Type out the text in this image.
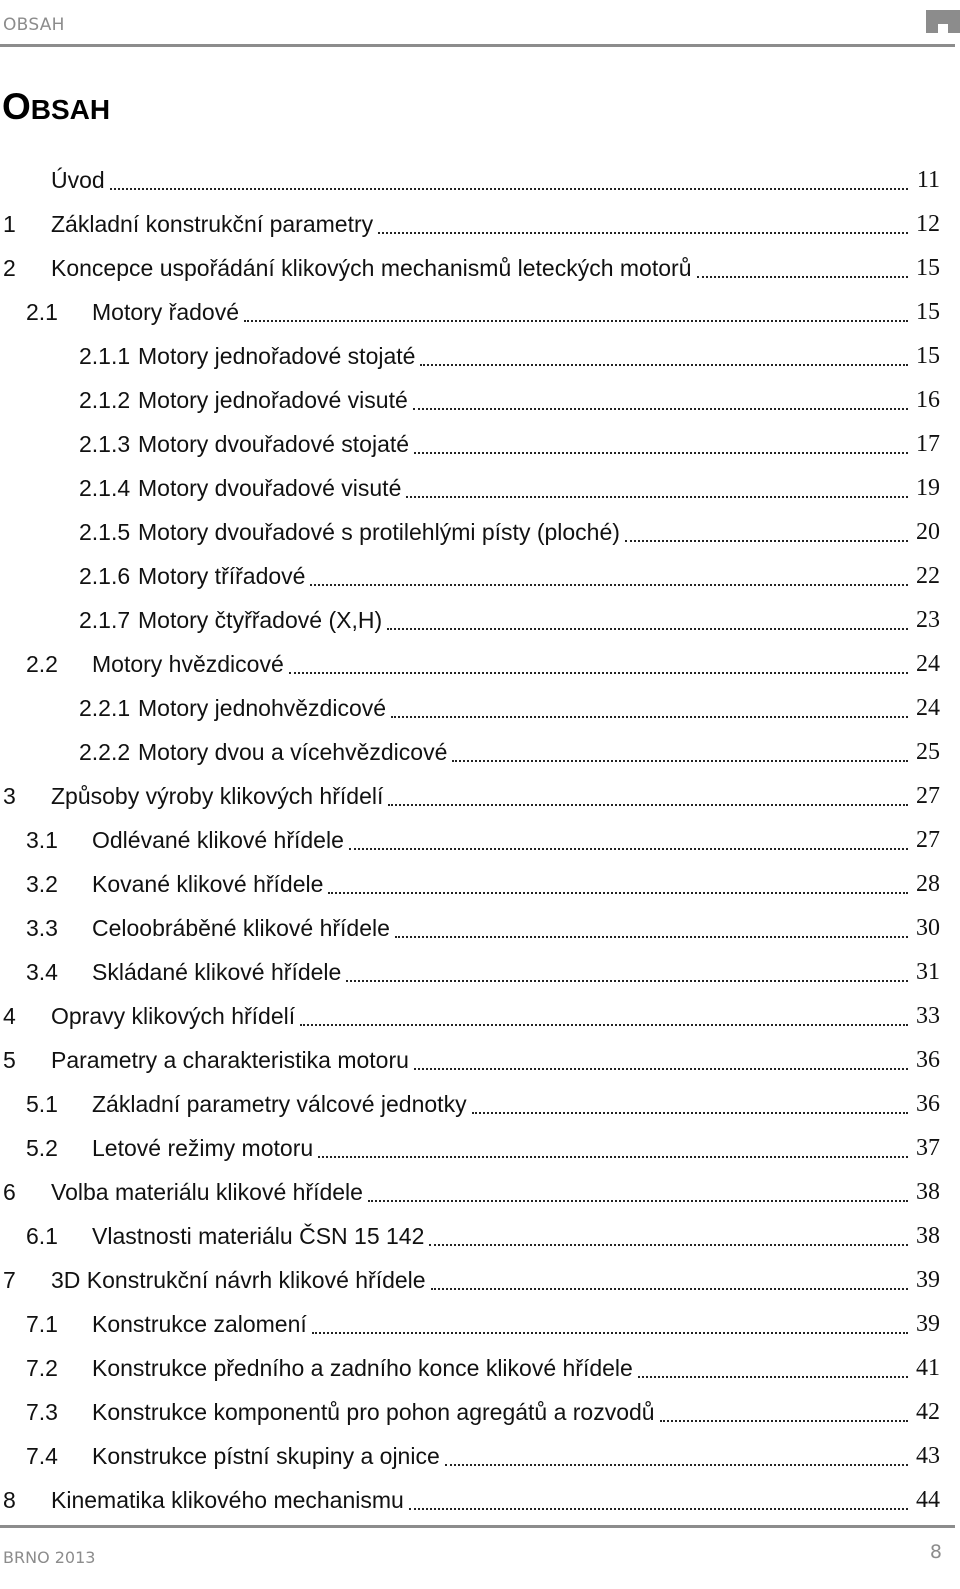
OBSAH
OBSAH
Úvod	11
1	Základní konstrukční parametry	12
2	Koncepce uspořádání klikových mechanismů leteckých motorů	15
2.1	Motory řadové	15
2.1.1 Motory jednořadové stojaté	15
2.1.2 Motory jednořadové visuté	16
2.1.3 Motory dvouřadové stojaté	17
2.1.4 Motory dvouřadové visuté	19
2.1.5 Motory dvouřadové s protilehlými písty (ploché)	20
2.1.6 Motory třířadové	22
2.1.7 Motory čtyřřadové (X,H)	23
2.2	Motory hvězdicové	24
2.2.1 Motory jednohvězdicové	24
2.2.2 Motory dvou a vícehvězdicové	25
3	Způsoby výroby klikových hřídelí	27
3.1	Odlévané klikové hřídele	27
3.2	Kované klikové hřídele	28
3.3	Celoobráběné klikové hřídele	30
3.4	Skládané klikové hřídele	31
4	Opravy klikových hřídelí	33
5	Parametry a charakteristika motoru	36
5.1	Základní parametry válcové jednotky	36
5.2	Letové režimy motoru	37
6	Volba materiálu klikové hřídele	38
6.1	Vlastnosti materiálu ČSN 15 142	38
7	3D Konstrukční návrh klikové hřídele	39
7.1	Konstrukce zalomení	39
7.2	Konstrukce předního a zadního konce klikové hřídele	41
7.3	Konstrukce komponentů pro pohon agregátů a rozvodů	42
7.4	Konstrukce pístní skupiny a ojnice	43
8	Kinematika klikového mechanismu	44
BRNO 2013	8
